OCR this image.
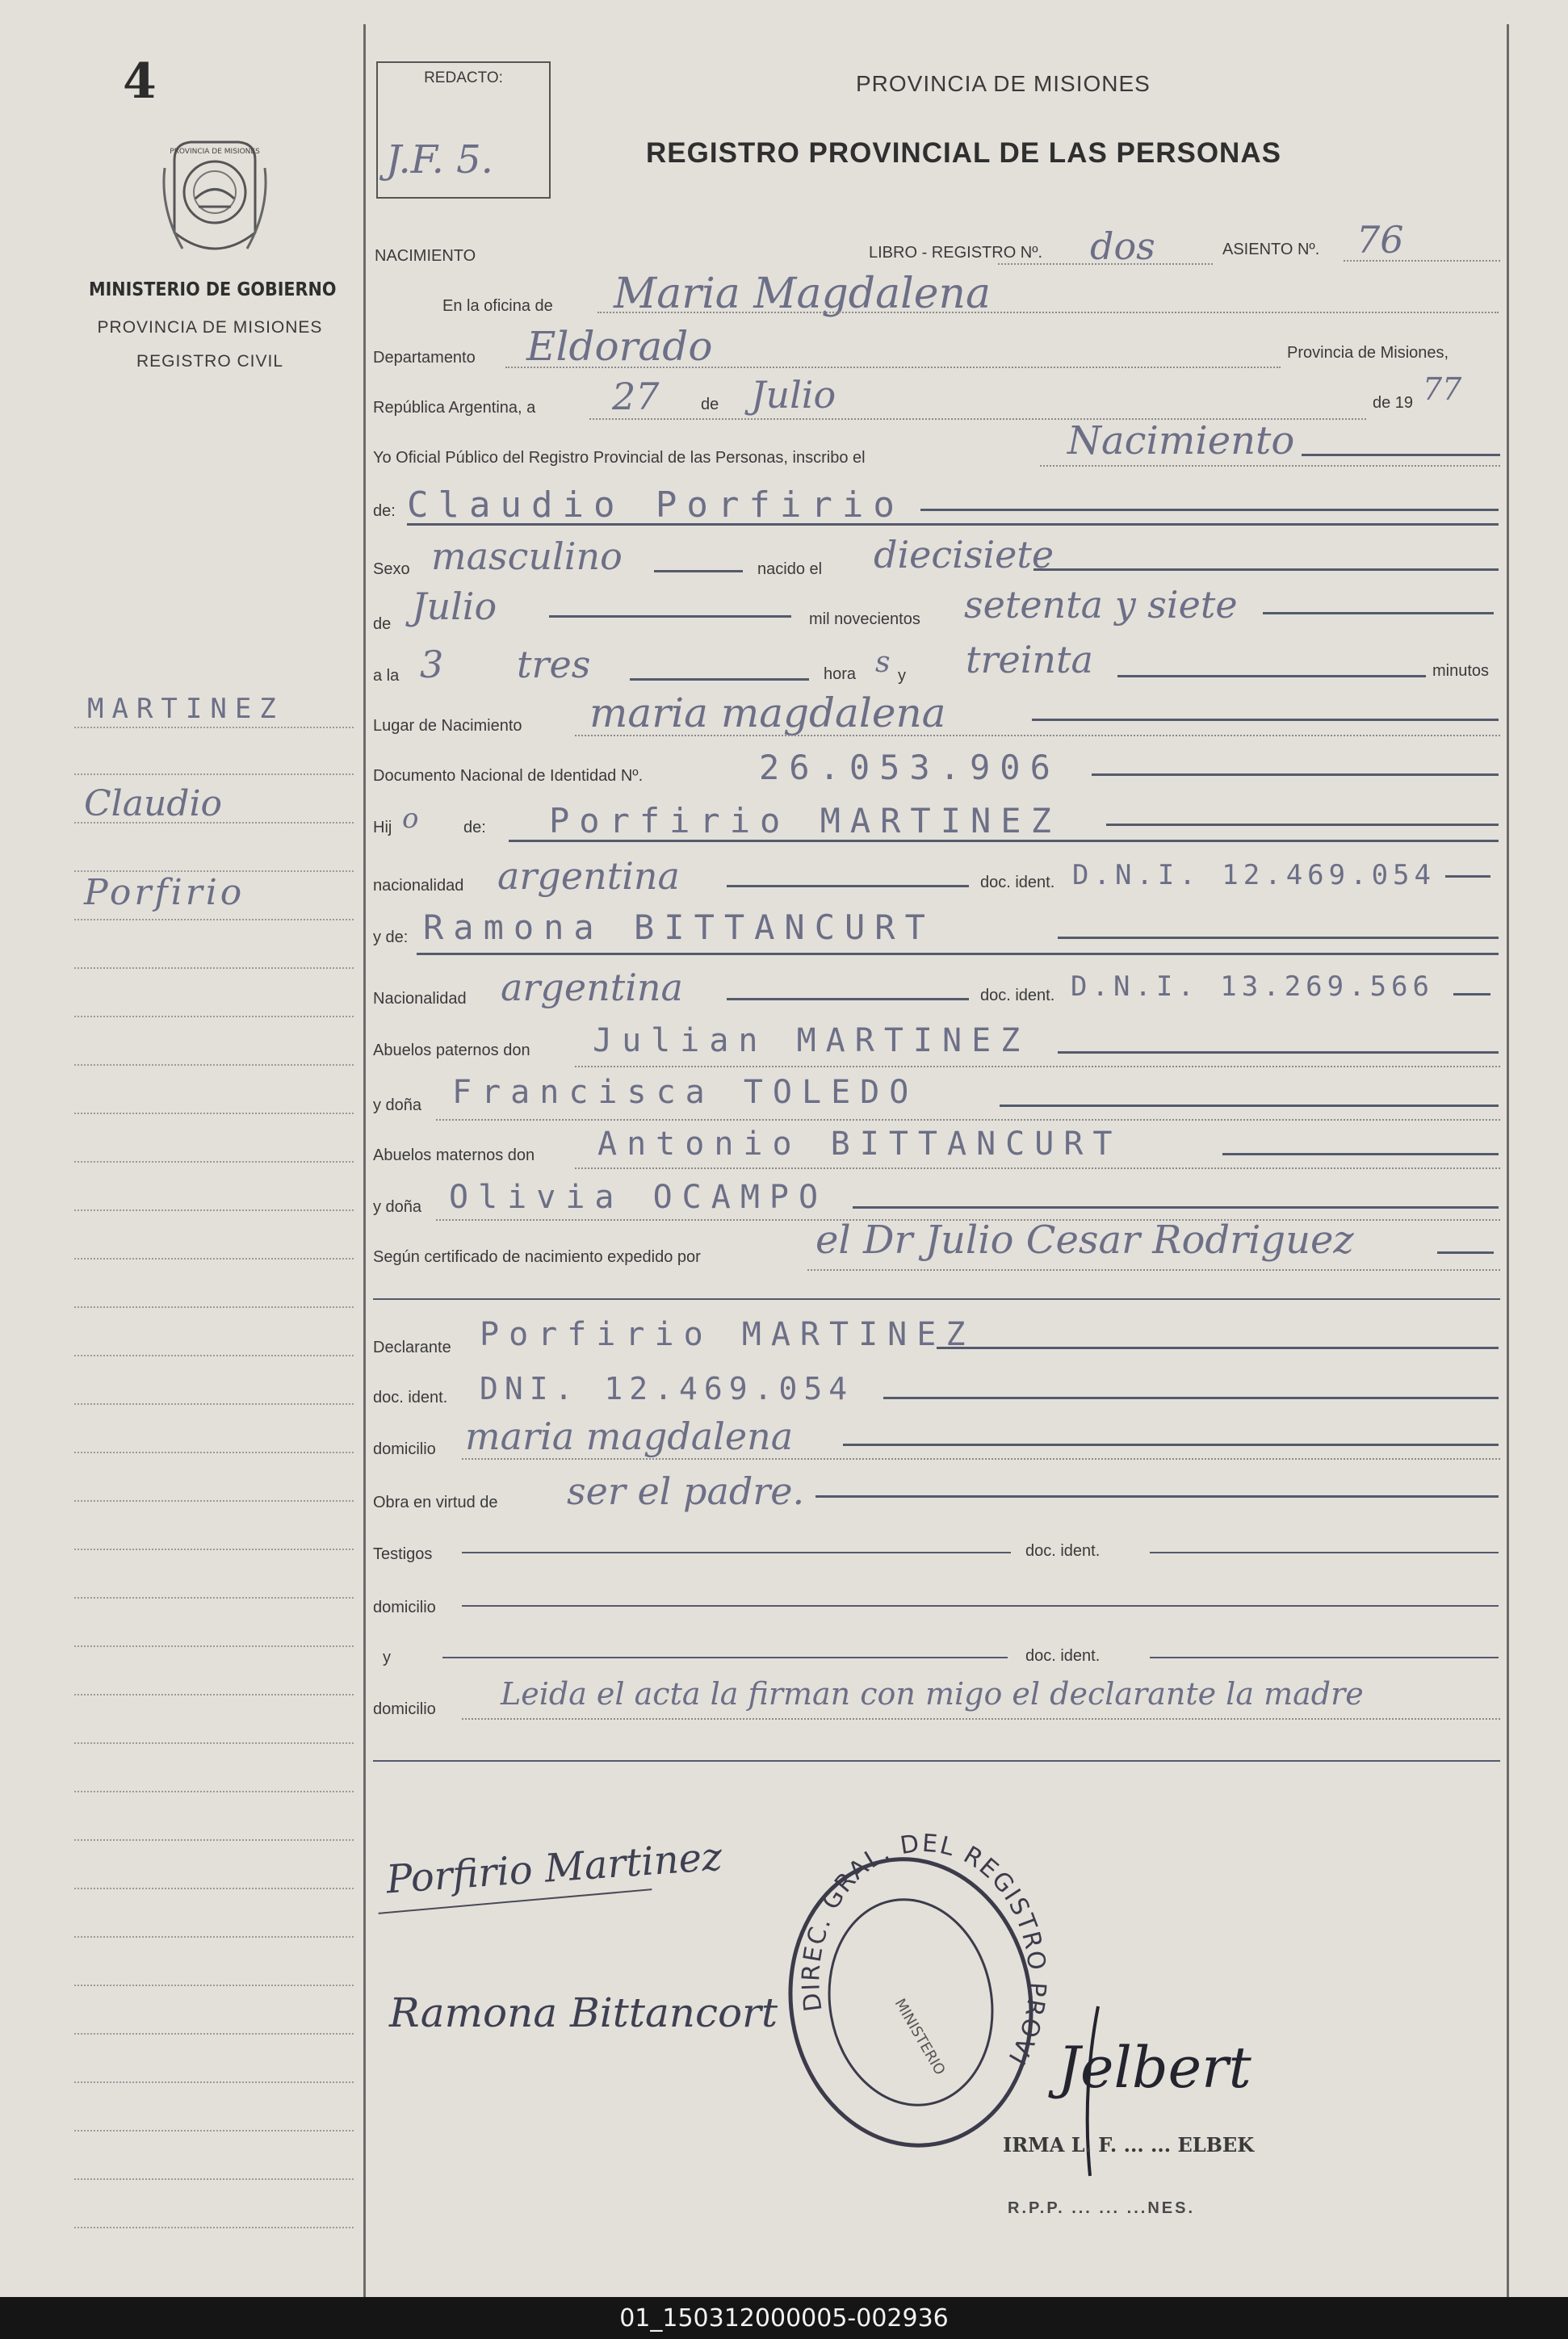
4
PROVINCIA DE MISIONES
MINISTERIO DE GOBIERNO
PROVINCIA DE MISIONES
REGISTRO CIVIL
MARTINEZ
Claudio
Porfirio
REDACTO:
J.F. 5.
PROVINCIA DE MISIONES
REGISTRO PROVINCIAL DE LAS PERSONAS
NACIMIENTO	LIBRO - REGISTRO Nº. dos	ASIENTO Nº. 76
En la oficina de Maria Magdalena
Departamento Eldorado	Provincia de Misiones,
República Argentina, a 27	de Julio	de 19 77
Yo Oficial Público del Registro Provincial de las Personas, inscribo el	Nacimiento
de: Claudio Porfirio
Sexo masculino	nacido el diecisiete
de Julio	mil novecientos setenta y siete
a la 3 tres	hora s y treinta	minutos
Lugar de Nacimiento maria magdalena
Documento Nacional de Identidad Nº.	26.053.906
Hij o	de: Porfirio MARTINEZ
nacionalidad argentina	doc. ident. D.N.I. 12.469.054
y de: Ramona BITTANCURT
Nacionalidad argentina	doc. ident. D.N.I. 13.269.566
Abuelos paternos don Julian MARTINEZ
y doña Francisca TOLEDO
Abuelos maternos don Antonio BITTANCURT
y doña Olivia OCAMPO
Según certificado de nacimiento expedido por	el Dr Julio Cesar Rodriguez
Declarante Porfirio MARTINEZ
doc. ident. DNI. 12.469.054
domicilio maria magdalena
Obra en virtud de ser el padre.
Testigos	doc. ident.
domicilio
y	doc. ident.
domicilio Leida el acta la firman con migo el declarante la madre
Porfirio Martinez
Ramona Bittancort DIREC. GRAL. DEL REGISTRO PROVI
MINISTERIO Jelbert
IRMA L. F. ... ... ELBEK
R.P.P. ... ... ...NES.
01_150312000005-002936
